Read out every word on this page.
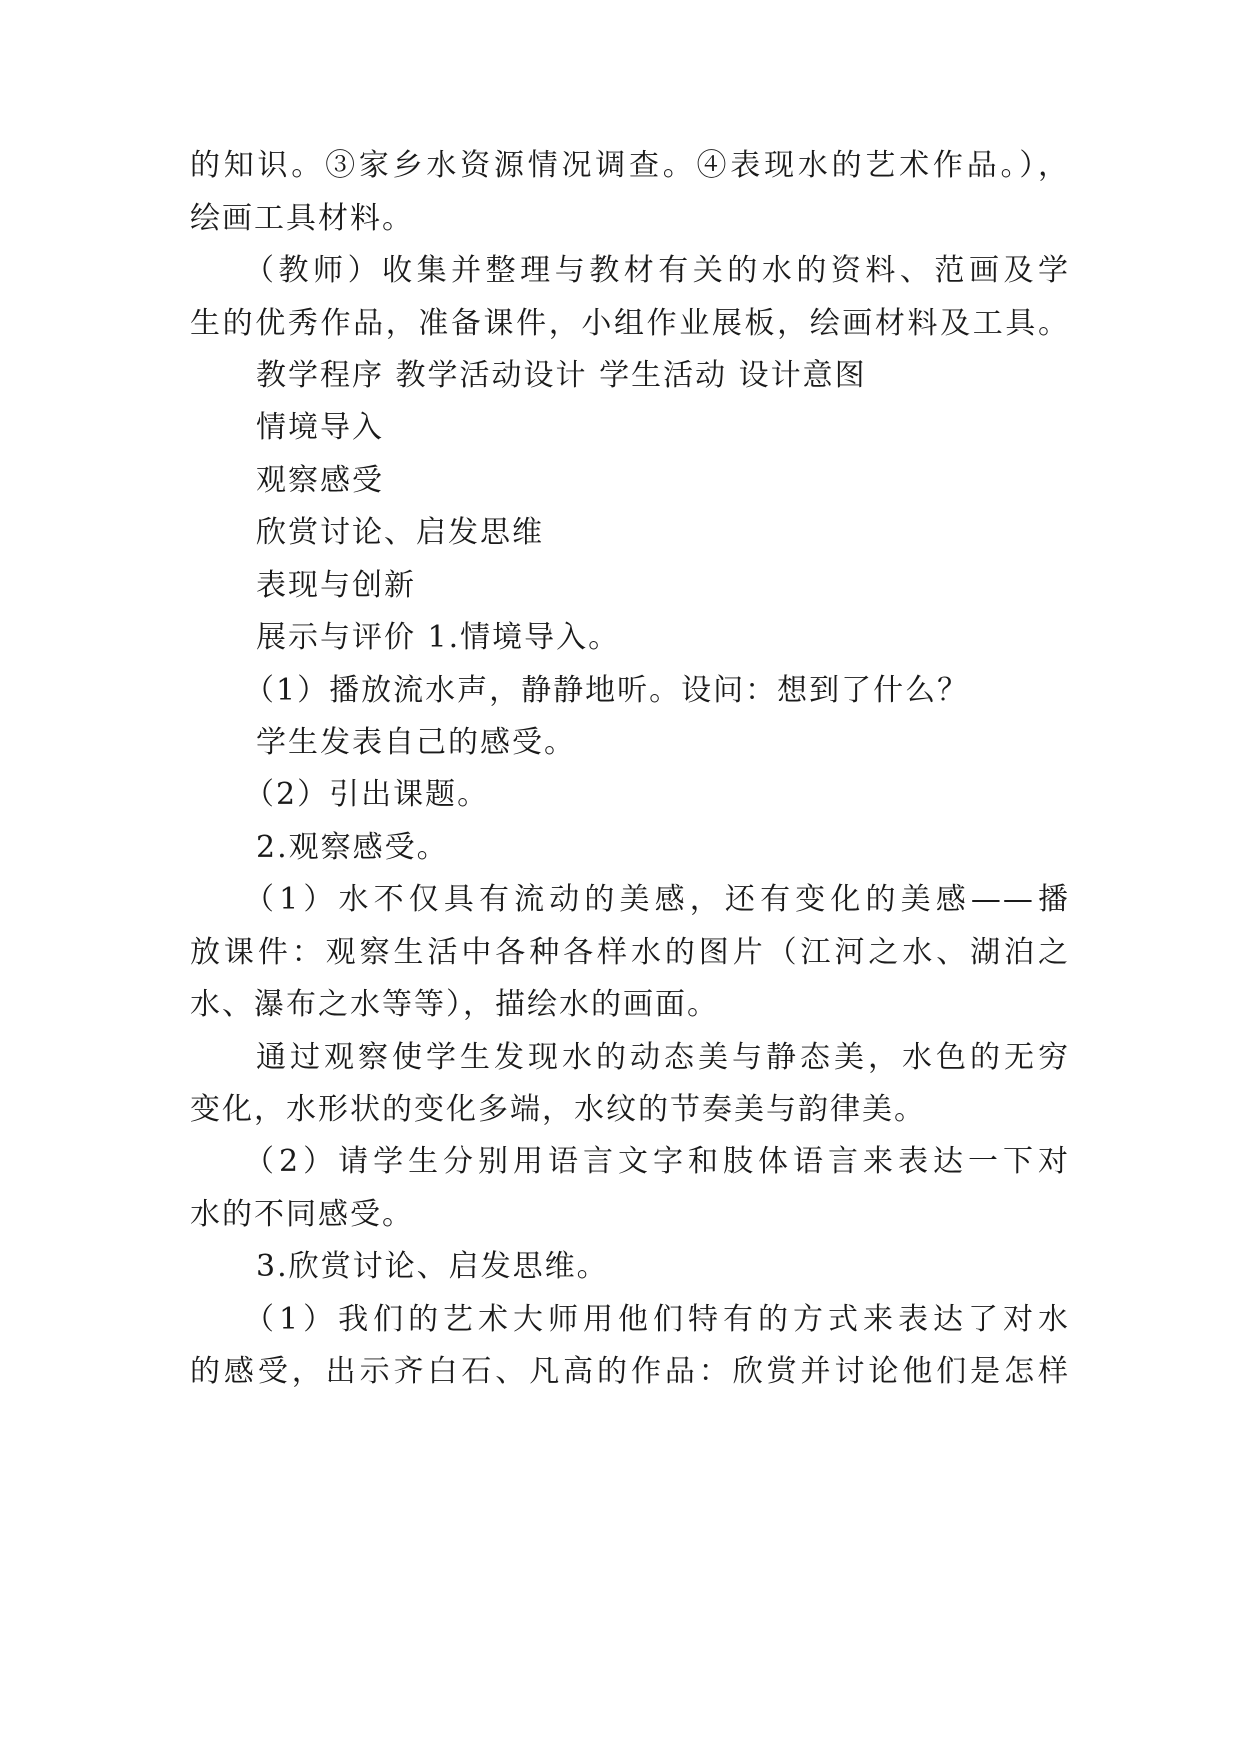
的知识。③家乡水资源情况调查。④表现水的艺术作品。），
绘画工具材料。
（教师）收集并整理与教材有关的水的资料、范画及学
生的优秀作品，准备课件，小组作业展板，绘画材料及工具。
教学程序 教学活动设计 学生活动 设计意图
情境导入
观察感受
欣赏讨论、启发思维
表现与创新
展示与评价 1.情境导入。
（1）播放流水声，静静地听。设问：想到了什么？
学生发表自己的感受。
（2）引出课题。
2.观察感受。
（1）水不仅具有流动的美感，还有变化的美感——播
放课件：观察生活中各种各样水的图片（江河之水、湖泊之
水、瀑布之水等等），描绘水的画面。
通过观察使学生发现水的动态美与静态美，水色的无穷
变化，水形状的变化多端，水纹的节奏美与韵律美。
（2）请学生分别用语言文字和肢体语言来表达一下对
水的不同感受。
3.欣赏讨论、启发思维。
（1）我们的艺术大师用他们特有的方式来表达了对水
的感受，出示齐白石、凡高的作品：欣赏并讨论他们是怎样
